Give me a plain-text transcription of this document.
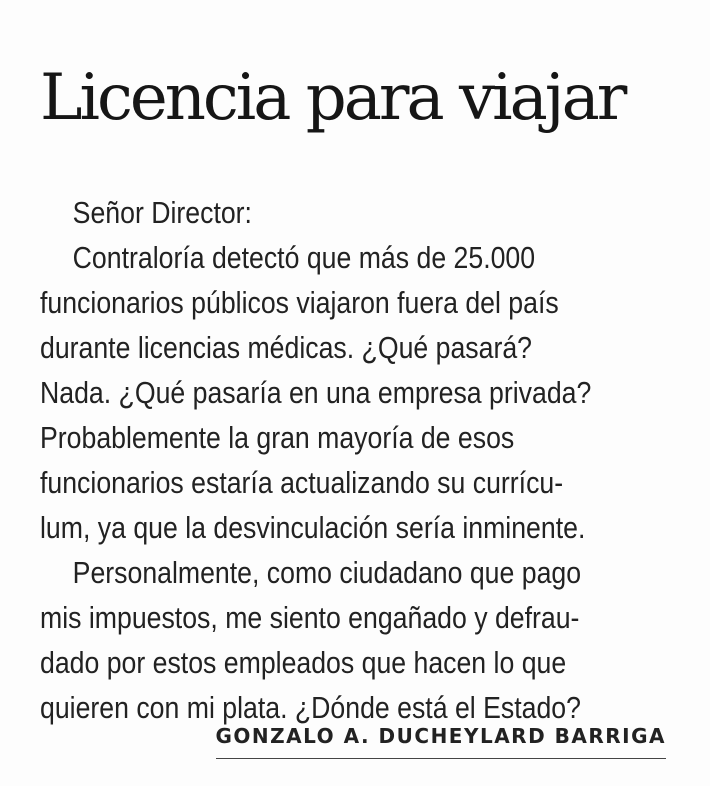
Licencia para viajar
Señor Director:
Contraloría detectó que más de 25.000
funcionarios públicos viajaron fuera del país
durante licencias médicas. ¿Qué pasará?
Nada. ¿Qué pasaría en una empresa privada?
Probablemente la gran mayoría de esos
funcionarios estaría actualizando su currícu-
lum, ya que la desvinculación sería inminente.
Personalmente, como ciudadano que pago
mis impuestos, me siento engañado y defrau-
dado por estos empleados que hacen lo que
quieren con mi plata. ¿Dónde está el Estado?
GONZALO A. DUCHEYLARD BARRIGA
